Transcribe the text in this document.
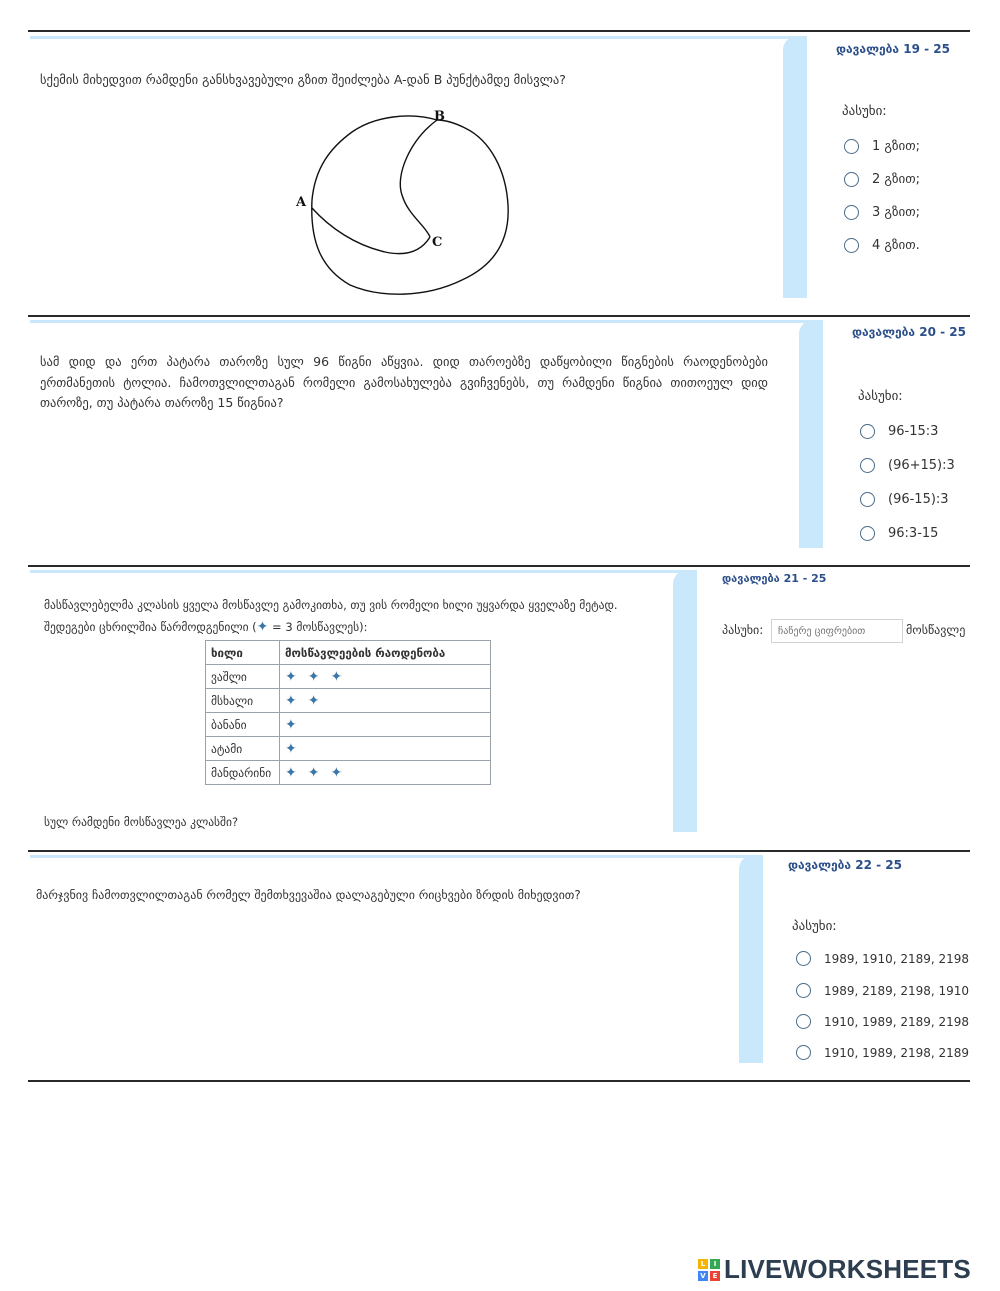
სქემის მიხედვით რამდენი განსხვავებული გზით შეიძლება A-დან B პუნქტამდე მისვლა?
A
B
C
დავალება 19 - 25
პასუხი:
1 გზით;
2 გზით;
3 გზით;
4 გზით.
სამ დიდ და ერთ პატარა თაროზე სულ 96 წიგნი აწყვია. დიდ თაროებზე დაწყობილი წიგნების რაოდენობები ერთმანეთის ტოლია. ჩამოთვლილთაგან რომელი გამოსახულება გვიჩვენებს, თუ რამდენი წიგნია თითოეულ დიდ თაროზე, თუ პატარა თაროზე 15 წიგნია?
დავალება 20 - 25
პასუხი:
96-15:3
(96+15):3
(96-15):3
96:3-15
მასწავლებელმა კლასის ყველა მოსწავლე გამოკითხა, თუ ვის რომელი ხილი უყვარდა ყველაზე მეტად.
შედეგები ცხრილშია წარმოდგენილი (✦ = 3 მოსწავლეს):
ხილი	მოსწავლეების რაოდენობა
ვაშლი	✦ ✦ ✦
მსხალი	✦ ✦
ბანანი	✦
ატამი	✦
მანდარინი	✦ ✦ ✦
სულ რამდენი მოსწავლეა კლასში?
დავალება 21 - 25
პასუხი:
ჩაწერე ციფრებით	მოსწავლე
მარჯვნივ ჩამოთვლილთაგან რომელ შემთხვევაშია დალაგებული რიცხვები ზრდის მიხედვით?
დავალება 22 - 25
პასუხი:
1989, 1910, 2189, 2198
1989, 2189, 2198, 1910
1910, 1989, 2189, 2198
1910, 1989, 2198, 2189
L	I
V E LIVEWORKSHEETS
